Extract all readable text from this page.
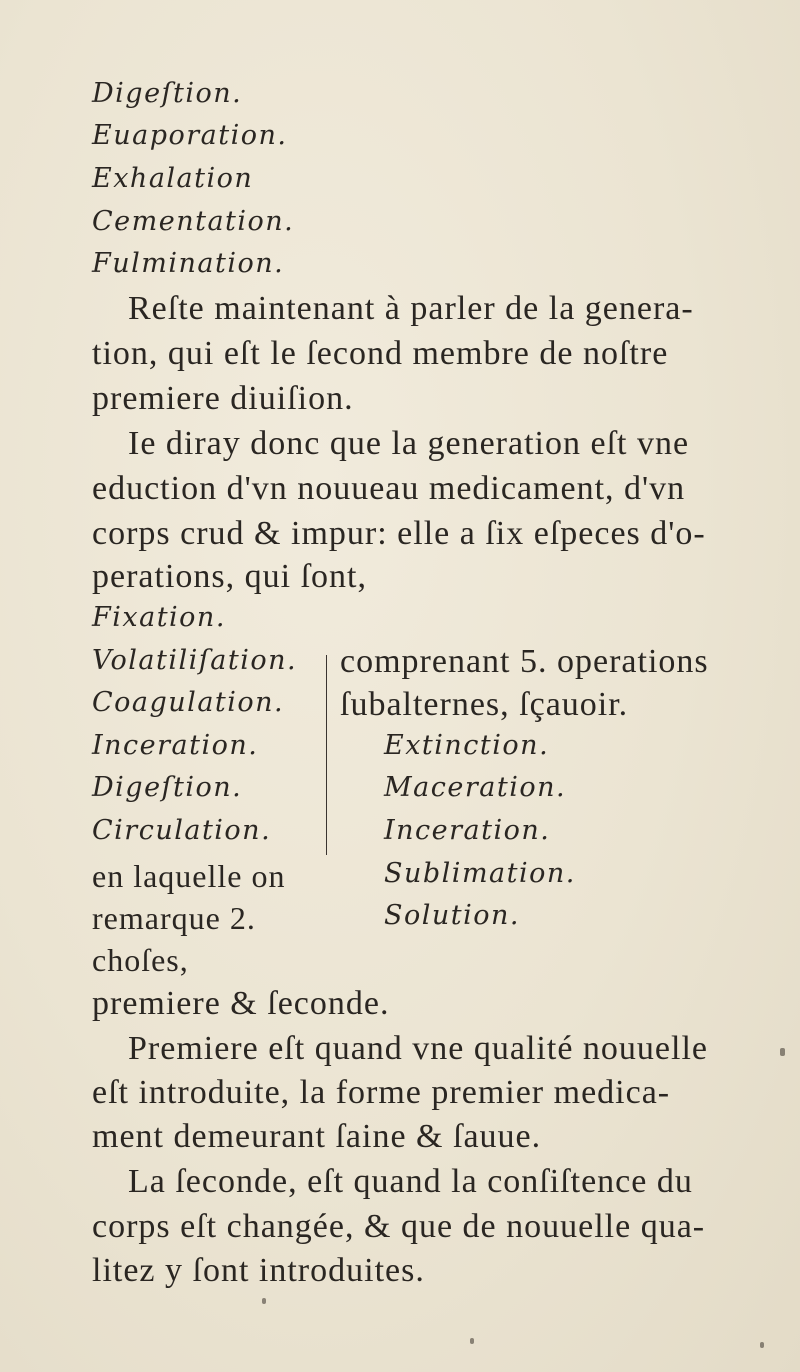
Digeſtion.
Euaporation.
Exhalation
Cementation.
Fulmination.
Reſte maintenant à parler de la genera-
tion, qui eſt le ſecond membre de noſtre
premiere diuiſion.
Ie diray donc que la generation eſt vne
eduction d'vn nouueau medicament, d'vn
corps crud & impur: elle a ſix eſpeces d'o-
perations, qui ſont,
Fixation.
Volatiliſation.
Coagulation.
Inceration.
Digeſtion.
Circulation.
en laquelle on
remarque 2.
choſes,
comprenant 5. operations
ſubalternes, ſçauoir.
Extinction.
Maceration.
Inceration.
Sublimation.
Solution.
premiere & ſeconde.
Premiere eſt quand vne qualité nouuelle
eſt introduite, la forme premier medica-
ment demeurant ſaine & ſauue.
La ſeconde, eſt quand la conſiſtence du
corps eſt changée, & que de nouuelle qua-
litez y ſont introduites.
